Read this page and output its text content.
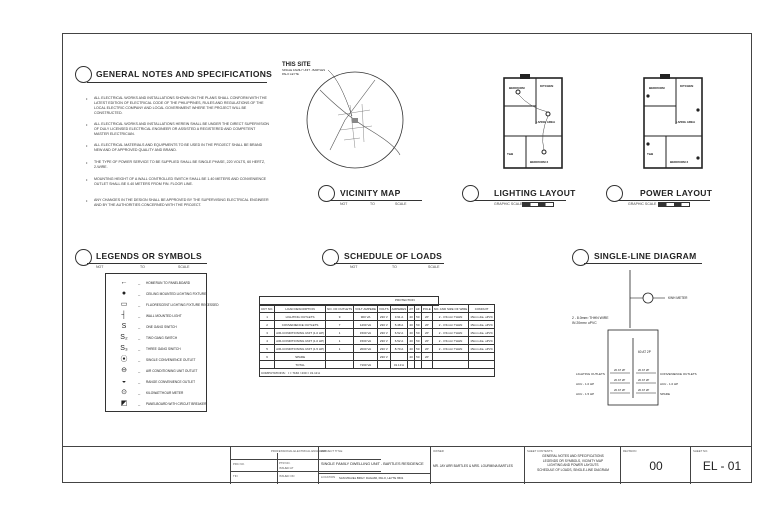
GENERAL NOTES AND SPECIFICATIONS
• ALL ELECTRICAL WORKS AND INSTALLATIONS SHOWN ON THE PLANS SHALL CONFORM WITH THE LATEST EDITION OF ELECTRICAL CODE OF THE PHILIPPINES, RULES AND REGULATIONS OF THE LOCAL ELECTRIC COMPANY AND LOCAL GOVERNMENT WHERE THE PROJECT WILL BE CONSTRUCTED.
• ALL ELECTRICAL WORKS AND INSTALLATIONS HEREIN SHALL BE UNDER THE DIRECT SUPERVISION OF DULY LICENSED ELECTRICAL ENGINEER OR ASSISTED A REGISTERED AND COMPETENT MASTER ELECTRICIAN.
• ALL ELECTRICAL MATERIALS AND EQUIPMENTS TO BE USED IN THE PROJECT SHALL BE BRAND NEW AND OF APPROVED QUALITY AND BRAND.
• THE TYPE OF POWER SERVICE TO BE SUPPLIED SHALL BE SINGLE PHASE, 220 VOLTS, 60 HERTZ, 2-WIRE.
• MOUNTING HEIGHT OF A WALL CONTROLLED SWITCH SHALL BE 1.40 METERS AND CONVENIENCE OUTLET SHALL BE 0.40 METERS FROM FIN. FLOOR LINE.
• ANY CHANGES IN THE DESIGN SHALL BE APPROVED BY THE SUPERVISING ELECTRICAL ENGINEER AND BY THE AUTHORITIES CONCERNED WITH THE PROJECT.
THIS SITE
SINGLE FAMILY UNIT - BARTLES PALO LEYTE
VICINITY MAP
NOT	TO	SCALE
BEDROOM	KITCHEN
LIVING AREA
T&B
BEDROOM 2
LIGHTING LAYOUT
GRAPHIC SCALE
BEDROOM	KITCHEN
LIVING AREA
T&B
BEDROOM 2
POWER LAYOUT
GRAPHIC SCALE
LEGENDS OR SYMBOLS
NOT	TO	SCALE
←	– HOMERUN TO PANELBOARD
●	– CEILING MOUNTED LIGHTING FIXTURE
▭	– FLUORESCENT LIGHTING FIXTURE RECESSED
┤	– WALL MOUNTED LIGHT
S	– ONE GANG SWITCH
S₂	– TWO GANG SWITCH
S₃	– THREE GANG SWITCH
⦿	– SINGLE CONVENIENCE OUTLET
⊖	– AIR CONDITIONING UNIT OUTLET
◒	– RANGE CONVENIENCE OUTLET
⊙	– KILOWATTHOUR METER
◩	– PANELBOARD WITH CIRCUIT BREAKER
SCHEDULE OF LOADS
NOT	TO	SCALE
CKT NO.	LOAD DESCRIPTION	NO. OF OUTLETS	VOLT AMPERE	VOLTS	AMPERES	AT	AF	POLE	NO. AND SIZE OF WIRE	CONDUIT
1	LIGHTING OUTLETS	9	900 VA	230 V	3.91 A	20	50	2P	2 - 3.5mm² THHN	15mm dia. uPVC
2	CONVENIENCE OUTLETS	7	1260 VA	230 V	5.48 A	20	50	2P	2 - 3.5mm² THHN	15mm dia. uPVC
3	AIR-CONDITIONING UNIT (1.0 HP)	1	1500 VA	230 V	6.52 A	20	50	2P	2 - 3.5mm² THHN	15mm dia. uPVC
4	AIR-CONDITIONING UNIT (1.0 HP)	1	1500 VA	230 V	6.52 A	20	50	2P	2 - 3.5mm² THHN	15mm dia. uPVC
5	AIR-CONDITIONING UNIT (1.5 HP)	1	2000 VA	230 V	8.70 A	20	50	2P	2 - 3.5mm² THHN	15mm dia. uPVC
6	SPARE			230 V		20	50	2P		
	TOTAL		7160 VA		31.13 A					
COMPUTATIONS: I = 7160 / 230 = 31.13 A										
SINGLE-LINE DIAGRAM
2 - 8.0mm² THHN WIRE IN 20mm² uPVC
KWH METER
60 AT 2P
LIGHTING OUTLETS
ACU - 1.0 HP
ACU - 1.5 HP
CONVENIENCE OUTLETS
ACU - 1.0 HP
SPARE
20 AT 2P	20 AT 2P
20 AT 2P	20 AT 2P
20 AT 2P	20 AT 2P
PROFESSIONAL ELECTRICAL ENGINEER
PRC NO.	PTR NO.
ISSUED AT
TIN	ISSUED ON
PROJECT TITLE
SINGLE FAMILY DWELLING UNIT - BARTLES RESIDENCE
LOCATION SAN MIGUEL BRGY. DAGAMI, PALO, LEYTE 6501
OWNER
MR. JAY ARR BARTLES & MRS. LOURMINA BARTLES
SHEET CONTENTS
GENERAL NOTES AND SPECIFICATIONS
LEGENDS OR SYMBOLS, VICINITY MAP
LIGHTING AND POWER LAYOUTS
SCHEDULE OF LOADS, SINGLE-LINE DIAGRAM
REVISION
00
SHEET NO.
EL - 01
PROTECTION
